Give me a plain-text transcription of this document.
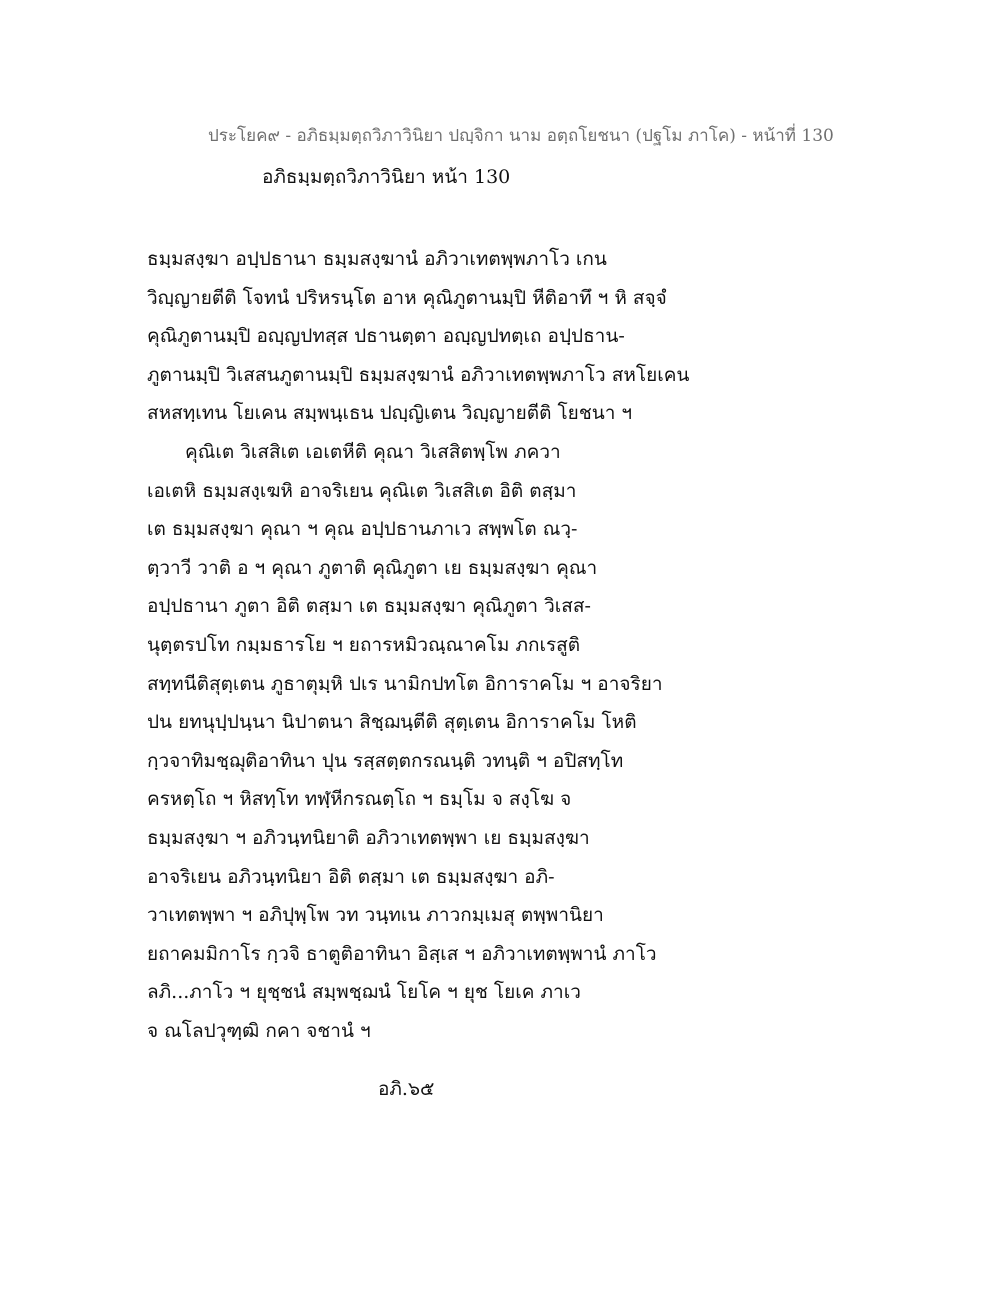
ประโยค๙ - อภิธมฺมตฺถวิภาวินิยา ปญฺจิกา นาม อตฺถโยชนา (ปฐโม ภาโค) - หน้าที่ 130
อภิธมฺมตฺถวิภาวินิยา หน้า 130
ธมฺมสงฺฆา อปฺปธานา ธมฺมสงฺฆานํ อภิวาเทตพฺพภาโว เกน
วิญฺญายตีติ โจทนํ ปริหรนฺโต อาห คุณิภูตานมฺปิ หีติอาทึ ฯ หิ สจฺจํ
คุณิภูตานมฺปิ อญฺญปทสฺส ปธานตฺตา อญฺญปทตฺเถ อปฺปธาน-
ภูตานมฺปิ วิเสสนภูตานมฺปิ ธมฺมสงฺฆานํ อภิวาเทตพฺพภาโว สหโยเคน
สหสทฺเทน โยเคน สมฺพนฺเธน ปญฺญิเตน วิญฺญายตีติ โยชนา ฯ
คุณิเต วิเสสิเต เอเตหีติ คุณา วิเสสิตพฺโพ ภควา
เอเตหิ ธมฺมสงฺเฆหิ อาจริเยน คุณิเต วิเสสิเต อิติ ตสฺมา
เต ธมฺมสงฺฆา คุณา ฯ คุณ อปฺปธานภาเว สพฺพโต ณวฺ-
ตฺวาวี วาติ อ ฯ คุณา ภูตาติ คุณิภูตา เย ธมฺมสงฺฆา คุณา
อปฺปธานา ภูตา อิติ ตสฺมา เต ธมฺมสงฺฆา คุณิภูตา วิเสส-
นุตฺตรปโท กมฺมธารโย ฯ ยถารหมิวณฺณาคโม ภกเรสูติ
สทฺทนีติสุตฺเตน ภูธาตุมฺหิ ปเร นามิกปทโต อิการาคโม ฯ อาจริยา
ปน ยทนุปฺปนฺนา นิปาตนา สิชฺฌนฺตีติ สุตฺเตน อิการาคโม โหติ
กฺวจาทิมชฺฌุติอาทินา ปุน รสฺสตฺตกรณนฺติ วทนฺติ ฯ อปิสทฺโท
ครหตฺโถ ฯ หิสทฺโท ทฬฺหีกรณตฺโถ ฯ ธมฺโม จ สงฺโฆ จ
ธมฺมสงฺฆา ฯ อภิวนฺทนิยาติ อภิวาเทตพฺพา เย ธมฺมสงฺฆา
อาจริเยน อภิวนฺทนิยา อิติ ตสฺมา เต ธมฺมสงฺฆา อภิ-
วาเทตพฺพา ฯ อภิปุพฺโพ วท วนฺทเน ภาวกมฺเมสุ ตพฺพานิยา
ยถาคมมิกาโร กฺวจิ ธาตูติอาทินา อิสฺเส ฯ อภิวาเทตพฺพานํ ภาโว
ลภิ...ภาโว ฯ ยุชฺชนํ สมฺพชฺฌนํ โยโค ฯ ยุช โยเค ภาเว
จ ณโลปวุฑฺฒิ กคา จชานํ ฯ
อภิ.๖๕
